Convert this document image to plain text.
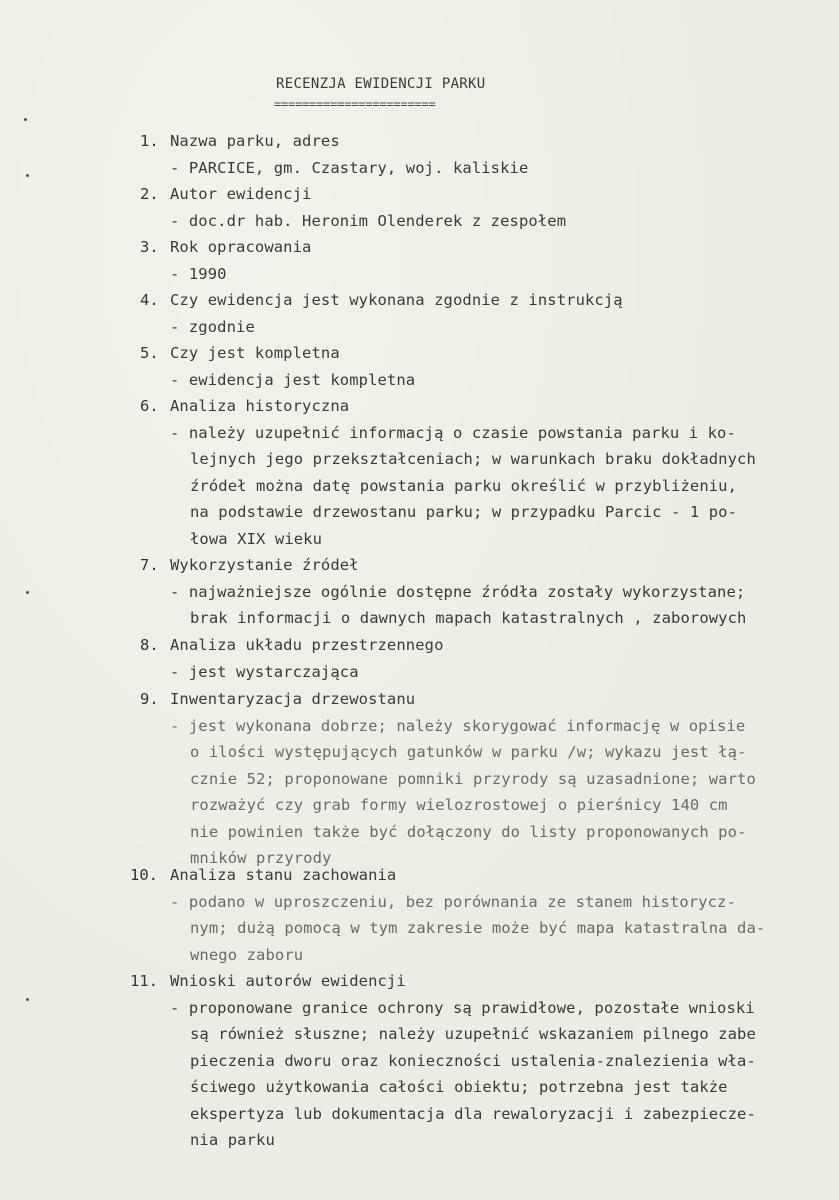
RECENZJA EWIDENCJI PARKU
=======================
1. Nazwa parku, adres
- PARCICE, gm. Czastary, woj. kaliskie
2. Autor ewidencji
- doc.dr hab. Heronim Olenderek z zespołem
3. Rok opracowania
- 1990
4. Czy ewidencja jest wykonana zgodnie z instrukcją
- zgodnie
5. Czy jest kompletna
- ewidencja jest kompletna
6. Analiza historyczna
- należy uzupełnić informacją o czasie powstania parku i ko-
lejnych jego przekształceniach; w warunkach braku dokładnych
źródeł można datę powstania parku określić w przybliżeniu,
na podstawie drzewostanu parku; w przypadku Parcic - 1 po-
łowa XIX wieku
7. Wykorzystanie źródeł
- najważniejsze ogólnie dostępne źródła zostały wykorzystane;
brak informacji o dawnych mapach katastralnych , zaborowych
8. Analiza układu przestrzennego
- jest wystarczająca
9. Inwentaryzacja drzewostanu
- jest wykonana dobrze; należy skorygować informację w opisie
o ilości występujących gatunków w parku /w; wykazu jest łą-
cznie 52; proponowane pomniki przyrody są uzasadnione; warto
rozważyć czy grab formy wielozrostowej o pierśnicy 140 cm
nie powinien także być dołączony do listy proponowanych po-
mników przyrody
10. Analiza stanu zachowania
- podano w uproszczeniu, bez porównania ze stanem historycz-
nym; dużą pomocą w tym zakresie może być mapa katastralna da-
wnego zaboru
11. Wnioski autorów ewidencji
- proponowane granice ochrony są prawidłowe, pozostałe wnioski
są również słuszne; należy uzupełnić wskazaniem pilnego zabe
pieczenia dworu oraz konieczności ustalenia-znalezienia wła-
ściwego użytkowania całości obiektu; potrzebna jest także
ekspertyza lub dokumentacja dla rewaloryzacji i zabezpiecze-
nia parku
